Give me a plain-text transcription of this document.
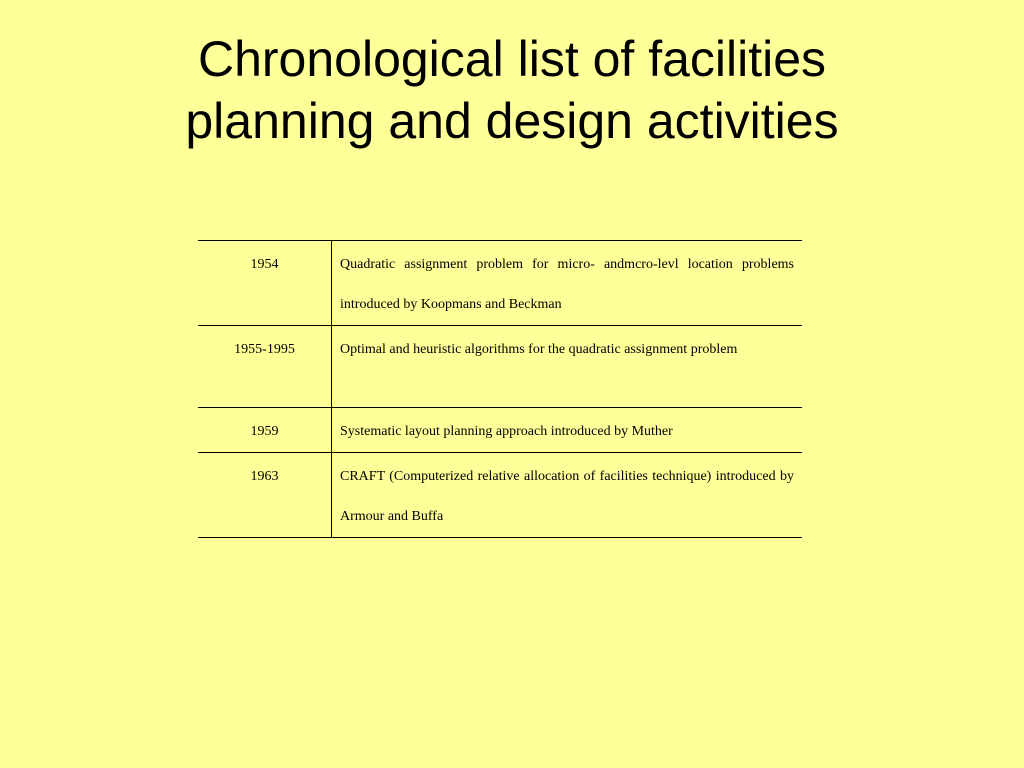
Chronological list of facilities
planning and design activities
1954	Quadratic assignment problem for micro- andmcro-levl location problems introduced by Koopmans and Beckman
1955-1995	Optimal and heuristic algorithms for the quadratic assignment problem
1959	Systematic layout planning approach introduced by Muther
1963	CRAFT (Computerized relative allocation of facilities technique) introduced by Armour and Buffa
